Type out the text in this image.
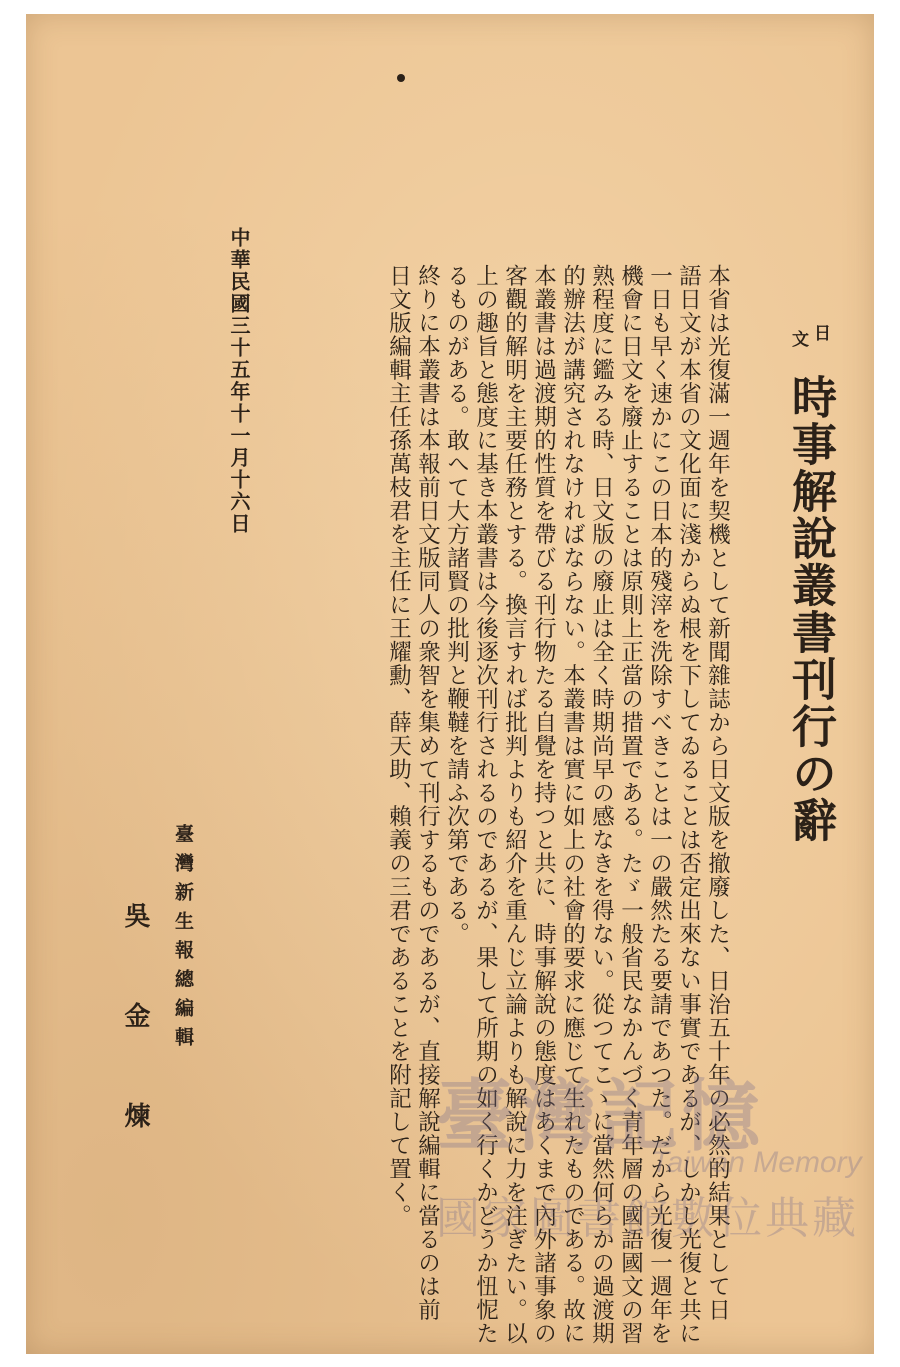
日
文
時事解說叢書刊行の辭
本省は光復滿一週年を契機として新聞雜誌から日文版を撤廢した、日治五十年の必然的結果として日
語日文が本省の文化面に淺からぬ根を下してゐることは否定出來ない事實であるが、しかし光復と共に
一日も早く速かにこの日本的殘滓を洗除すべきことは一の嚴然たる要請であつた。だから光復一週年を
機會に日文を廢止することは原則上正當の措置である。たゞ一般省民なかんづく青年層の國語國文の習
熟程度に鑑みる時、日文版の廢止は全く時期尚早の感なきを得ない。從つてこゝに當然何らかの過渡期
的辦法が講究されなければならない。本叢書は實に如上の社會的要求に應じて生れたものである。故に
本叢書は過渡期的性質を帶びる刊行物たる自覺を持つと共に、時事解說の態度はあくまで內外諸事象の
客觀的解明を主要任務とする。換言すれば批判よりも紹介を重んじ立論よりも解說に力を注ぎたい。以
上の趣旨と態度に基き本叢書は今後逐次刊行されるのであるが、果して所期の如く行くかどうか忸怩た
るものがある。敢へて大方諸賢の批判と鞭韃を請ふ次第である。
終りに本叢書は本報前日文版同人の衆智を集めて刊行するものであるが、直接解說編輯に當るのは前
日文版編輯主任孫萬枝君を主任に王耀勳、薛天助、賴義の三君であることを附記して置く。
中華民國三十五年十一月十六日
臺灣新生報總編輯
吳金煉	臺灣記憶
Taiwan Memory
國家圖書館數位典藏
